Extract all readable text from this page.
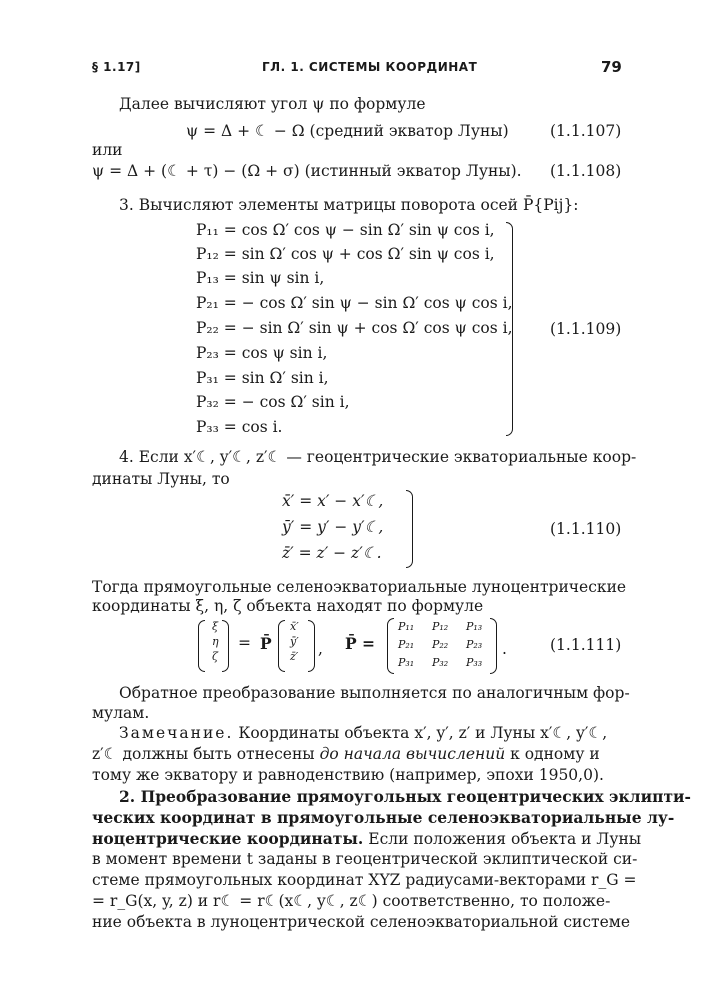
§ 1.17]	ГЛ. 1. СИСТЕМЫ КООРДИНАТ	79
Далее вычисляют угол ψ по формуле
ψ = Δ + ☾ − Ω (средний экватор Луны)	(1.1.107)
или
ψ = Δ + (☾ + τ) − (Ω + σ) (истинный экватор Луны). (1.1.108)
3. Вычисляют элементы матрицы поворота осей P̄{Pij}:
P₁₁ = cos Ω′ cos ψ − sin Ω′ sin ψ cos i,
P₁₂ = sin Ω′ cos ψ + cos Ω′ sin ψ cos i,
P₁₃ = sin ψ sin i,
P₂₁ = − cos Ω′ sin ψ − sin Ω′ cos ψ cos i,
P₂₂ = − sin Ω′ sin ψ + cos Ω′ cos ψ cos i,
P₂₃ = cos ψ sin i,
P₃₁ = sin Ω′ sin i,
P₃₂ = − cos Ω′ sin i,
P₃₃ = cos i.
(1.1.109)
4. Если x′☾, y′☾, z′☾ — геоцентрические экваториальные коор-
динаты Луны, то
x̄′ = x′ − x′☾,
ȳ′ = y′ − y′☾,
z̄′ = z′ − z′☾.
(1.1.110)
Тогда прямоугольные селеноэкваториальные луноцентрические
координаты ξ, η, ζ объекта находят по формуле
ξ
η
ζ
= P̄
x̄′
ȳ′
z̄′ , P̄ =
P₁₁ P₁₂ P₁₃
P₂₁ P₂₂ P₂₃
P₃₁ P₃₂ P₃₃
.	(1.1.111)
Обратное преобразование выполняется по аналогичным фор-
мулам.
Замечание. Координаты объекта x′, y′, z′ и Луны x′☾, y′☾,
z′☾ должны быть отнесены до начала вычислений к одному и
тому же экватору и равноденствию (например, эпохи 1950,0).
2. Преобразование прямоугольных геоцентрических эклипти-
ческих координат в прямоугольные селеноэкваториальные лу-
ноцентрические координаты. Если положения объекта и Луны
в момент времени t заданы в геоцентрической эклиптической си-
стеме прямоугольных координат XYZ радиусами-векторами r_G =
= r_G(x, y, z) и r☾ = r☾(x☾, y☾, z☾) соответственно, то положе-
ние объекта в луноцентрической селеноэкваториальной системе
